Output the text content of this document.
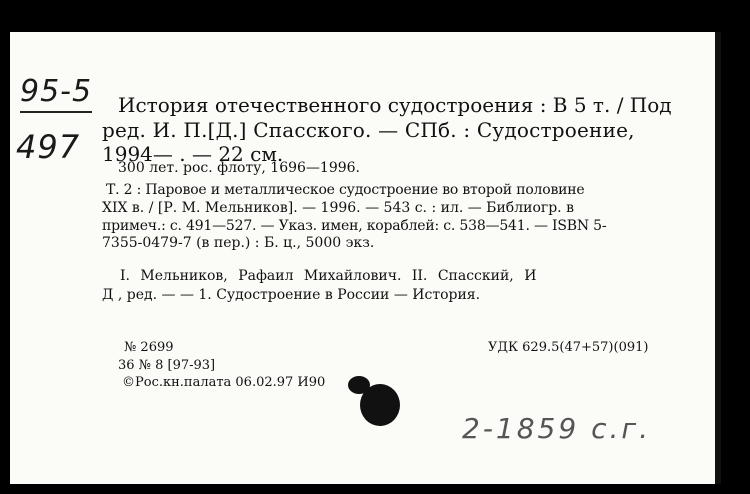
95-5
497
История отечественного судостроения : В 5 т. / Под
ред. И. П.[Д.] Спасского. — СПб. : Судостроение,
1994— . — 22 см.
300 лет. рос. флоту, 1696—1996.
Т. 2 : Паровое и металлическое судостроение во второй половине
XIX в. / [Р. М. Мельников]. — 1996. — 543 с. : ил. — Библиогр. в
примеч.: с. 491—527. — Указ. имен, кораблей: с. 538—541. — ISBN 5-
7355-0479-7 (в пер.) : Б. ц., 5000 экз.
I. Мельников, Рафаил Михайлович. II. Спасский, И
Д , ред. — — 1. Судостроение в России — История.
№ 2699	УДК 629.5(47+57)(091)
36 № 8 [97-93]
©Рос.кн.палата 06.02.97 И90
2-1859 с.г.
